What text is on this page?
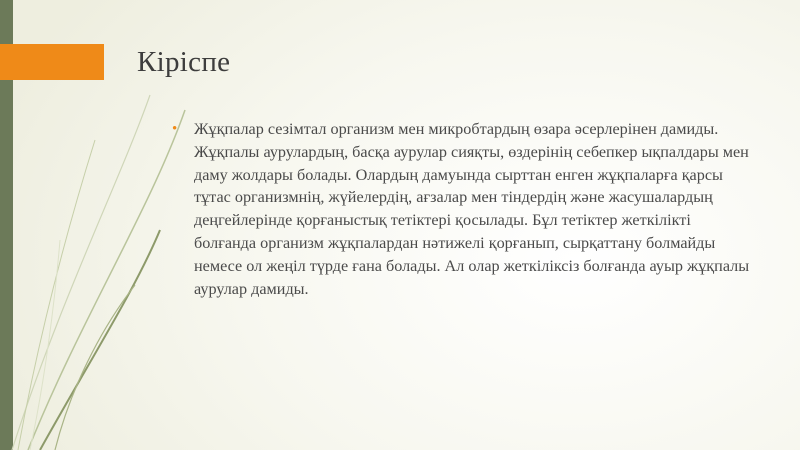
Кіріспе
• Жұқпалар сезімтал организм мен микробтардың өзара әсерлерінен дамиды. Жұқпалы аурулардың, басқа аурулар сияқты, өздерінің себепкер ықпалдары мен даму жолдары болады. Олардың дамуында сырттан енген жұқпаларға қарсы тұтас организмнің, жүйелердің, ағзалар мен тіндердің және жасушалардың деңгейлерінде қорғаныстық тетіктері қосылады. Бұл тетіктер жеткілікті болғанда организм жұқпалардан нәтижелі қорғанып, сырқаттану болмайды немесе ол жеңіл түрде ғана болады. Ал олар жеткіліксіз болғанда ауыр жұқпалы аурулар дамиды.
